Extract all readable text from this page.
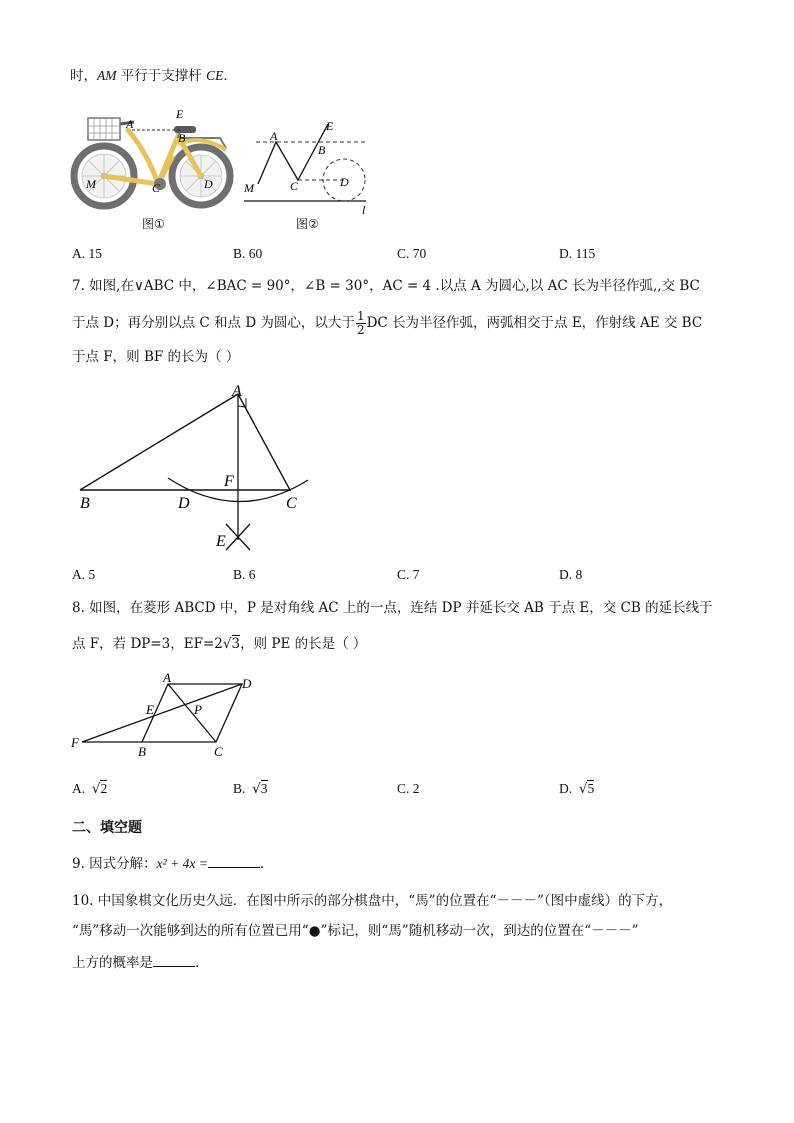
时，AM 平行于支撑杆 CE．
E
A
B
M	C	D
图①
A
E
B
M	C	D
l
图②
A. 15	B. 60	C. 70	D. 115
7. 如图,在∨ABC 中，∠BAC = 90°，∠B = 30°，AC = 4 .以点 A 为圆心,以 AC 长为半径作弧,,交 BC
于点 D；再分别以点 C 和点 D 为圆心，以大于 $\frac{1}{2}$ DC 长为半径作弧，两弧相交于点 E，作射线 AE 交 BC
于点 F，则 BF 的长为（ ）
A
B	D
F
C
E
A. 5	B. 6	C. 7	D. 8
8. 如图，在菱形 ABCD 中，P 是对角线 AC 上的一点，连结 DP 并延长交 AB 于点 E，交 CB 的延长线于
点 F，若 DP=3，EF=2√3，则 PE 的长是（ ）
A	D
E	P
F
B	C
A. √2	B. √3	C. 2	D. √5
二、填空题
9. 因式分解：x² + 4x =	．
10. 中国象棋文化历史久远．在图中所示的部分棋盘中，“馬”的位置在“－－－”（图中虚线）的下方，
“馬”移动一次能够到达的所有位置已用“●”标记，则“馬”随机移动一次，到达的位置在“－－－”
上方的概率是	．
